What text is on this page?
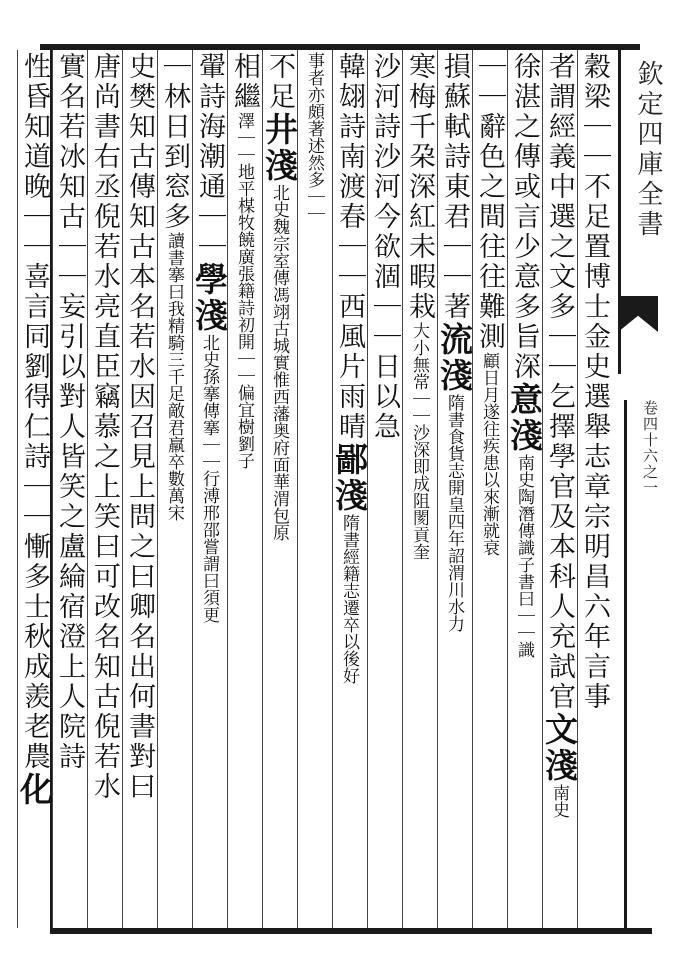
欽定四庫全書
卷四十六之一
穀梁｜｜不足置博士金史選舉志章宗明昌六年言事
者謂經義中選之文多｜｜乞擇學官及本科人充試官文淺南史
徐湛之傳或言少意多旨深意淺南史陶潛傳識子書曰｜｜識
｜｜辭色之間往往難測顧日月遂往疾患以來漸就衰
損蘇軾詩東君｜｜著流淺隋書食貨志開皇四年詔渭川水力
寒梅千朶深紅未暇栽大小無常｜｜沙深即成阻閡貢奎
沙河詩沙河今欲涸｜｜日以急
韓翃詩南渡春｜｜西風片雨晴鄙淺隋書經籍志遷卒以後好
事者亦頗著述然多｜｜
不足井淺北史魏宗室傳馮翊古城實惟西藩奥府面華渭包原
相繼澤｜｜地平楳牧饒廣張籍詩初開｜｜偏宜樹劉子
翬詩海潮通｜｜學淺北史孫搴傳搴｜｜行溥邢邵嘗謂曰須更
｜林日到窓多讀書搴曰我精騎三千足敵君羸卒數萬宋
史樊知古傳知古本名若水因召見上問之曰卿名出何書對曰
唐尚書右丞倪若水亮直臣竊慕之上笑曰可改名知古倪若水
實名若冰知古｜｜妄引以對人皆笑之盧綸宿澄上人院詩
性昏知道晚｜｜喜言同劉得仁詩｜｜慚多士秋成羨老農化
